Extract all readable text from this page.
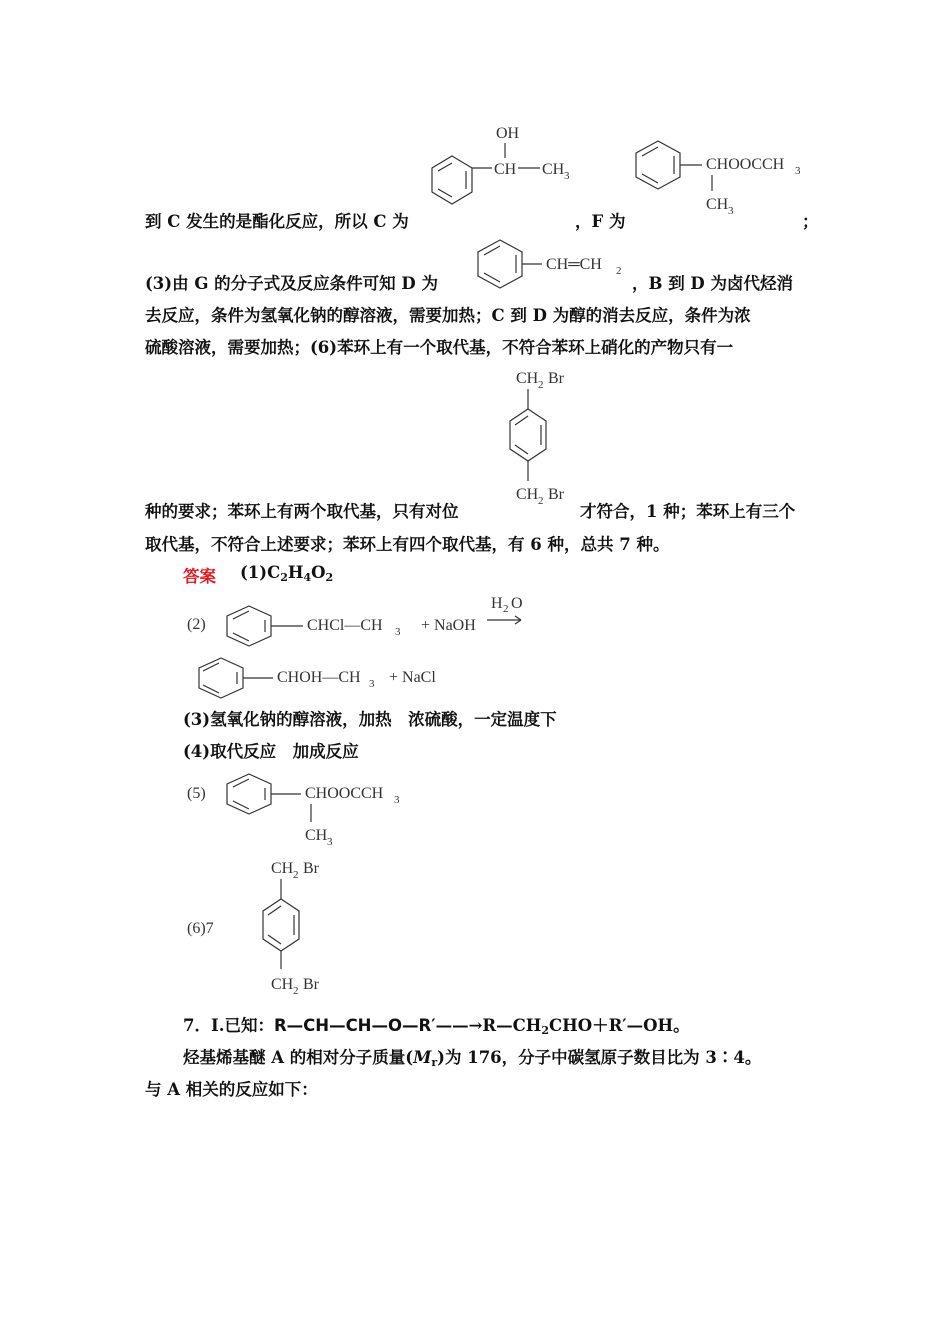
OH
CH CH 3
CHOOCCH 3
CH 3
到 C 发生的是酯化反应，所以 C 为	，F 为	；
CH═CH 2
(3)由 G 的分子式及反应条件可知 D 为	，B 到 D 为卤代烃消
去反应，条件为氢氧化钠的醇溶液，需要加热；C 到 D 为醇的消去反应，条件为浓
硫酸溶液，需要加热；(6)苯环上有一个取代基，不符合苯环上硝化的产物只有一
CH 2 Br
CH 2 Br
种的要求；苯环上有两个取代基，只有对位	才符合，1 种；苯环上有三个
取代基，不符合上述要求；苯环上有四个取代基，有 6 种，总共 7 种。
答案 $(1)C_2H_4O_2$
(2)	CHCl—CH 3 + NaOH
H 2 O
CHOH—CH 3 + NaCl
(3)氢氧化钠的醇溶液，加热　浓硫酸，一定温度下
(4)取代反应　加成反应
(5)	CHOOCCH 3
CH 3
(6)7
CH 2 Br
CH 2 Br
7．Ⅰ.已知：$R—CH—CH—O—R'——\to R—CH_2CHO+R'—OH$。
烃基烯基醚 A 的相对分子质量$(M_r)$为 176，分子中碳氢原子数目比为 3∶4。
与 A 相关的反应如下：
